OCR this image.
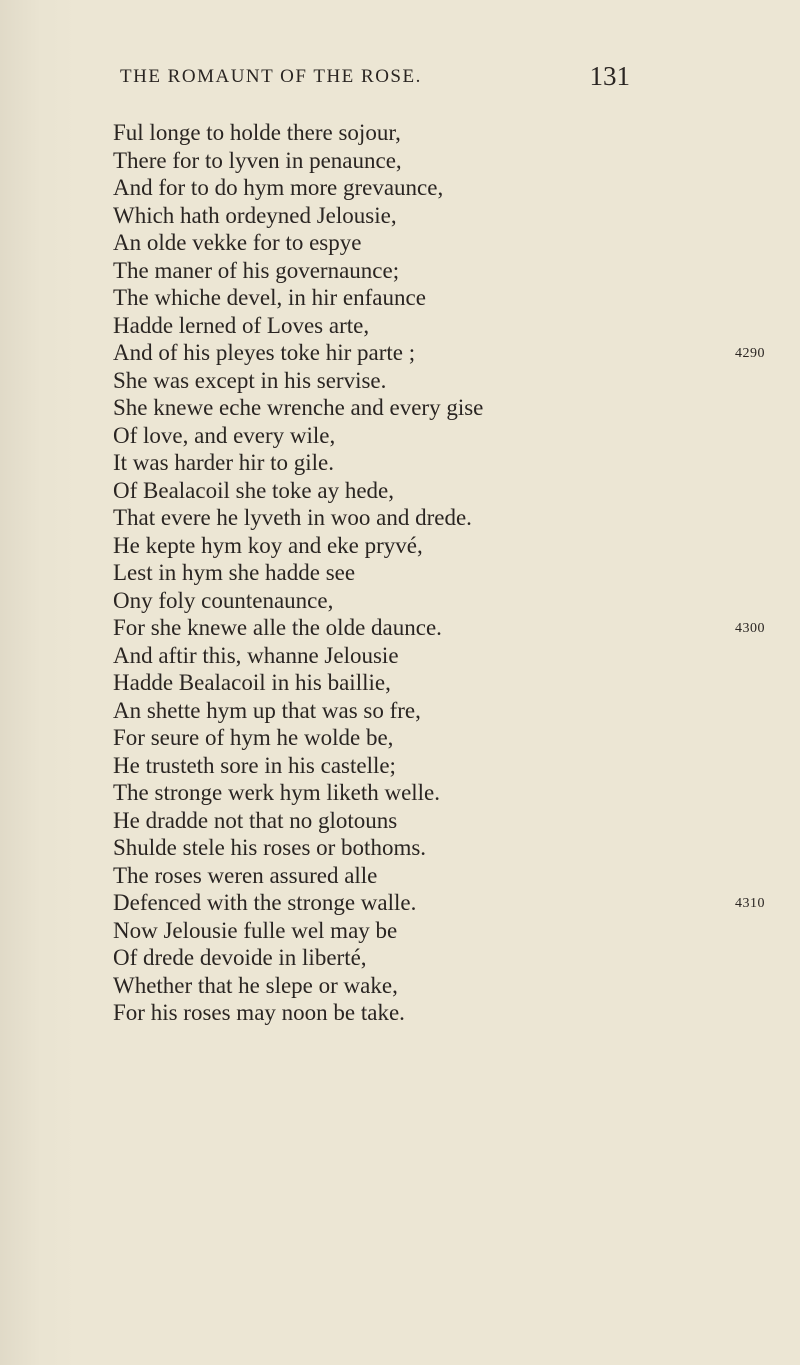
THE ROMAUNT OF THE ROSE.	131
Ful longe to holde there sojour,
There for to lyven in penaunce,
And for to do hym more grevaunce,
Which hath ordeyned Jelousie,
An olde vekke for to espye
The maner of his governaunce;
The whiche devel, in hir enfaunce
Hadde lerned of Loves arte,
And of his pleyes toke hir parte ;
She was except in his servise.
She knewe eche wrenche and every gise
Of love, and every wile,
It was harder hir to gile.
Of Bealacoil she toke ay hede,
That evere he lyveth in woo and drede.
He kepte hym koy and eke pryvé,
Lest in hym she hadde see
Ony foly countenaunce,
For she knewe alle the olde daunce.
And aftir this, whanne Jelousie
Hadde Bealacoil in his baillie,
An shette hym up that was so fre,
For seure of hym he wolde be,
He trusteth sore in his castelle;
The stronge werk hym liketh welle.
He dradde not that no glotouns
Shulde stele his roses or bothoms.
The roses weren assured alle
Defenced with the stronge walle.
Now Jelousie fulle wel may be
Of drede devoide in liberté,
Whether that he slepe or wake,
For his roses may noon be take.
4290
4300
4310
